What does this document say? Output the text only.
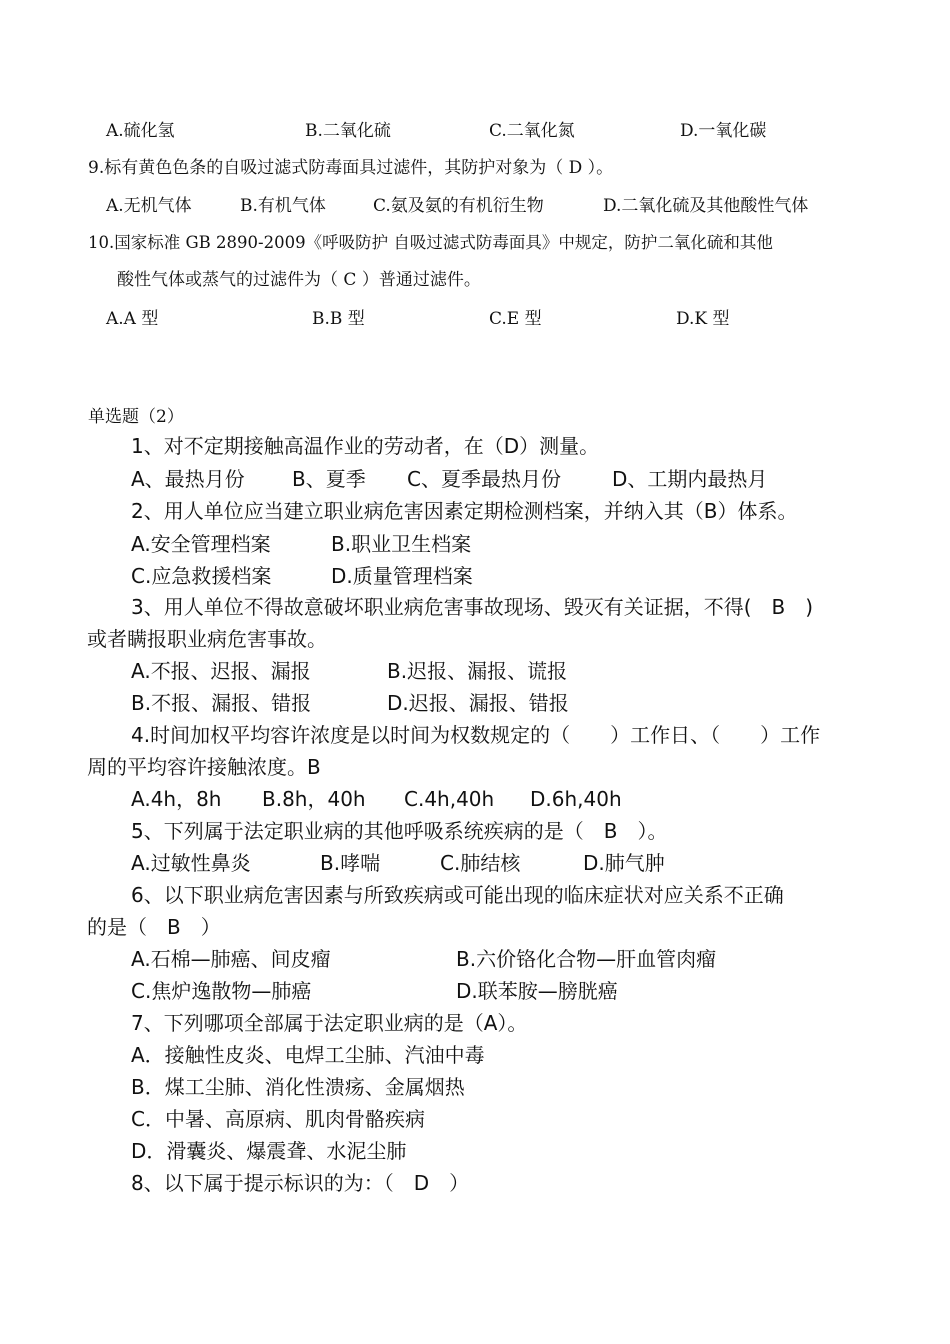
A.硫化氢	B.二氧化硫	C.二氧化氮	D.一氧化碳
9.标有黄色色条的自吸过滤式防毒面具过滤件，其防护对象为（ D ）。
A.无机气体	B.有机气体	C.氨及氨的有机衍生物	D.二氧化硫及其他酸性气体
10.国家标准 GB 2890-2009《呼吸防护 自吸过滤式防毒面具》中规定，防护二氧化硫和其他
酸性气体或蒸气的过滤件为（ C ）普通过滤件。
A.A 型	B.B 型	C.E 型	D.K 型
单选题（2）
1、对不定期接触高温作业的劳动者，在（D）测量。
A、最热月份 B、夏季 C、夏季最热月份	D、工期内最热月
2、用人单位应当建立职业病危害因素定期检测档案，并纳入其（B）体系。
A.安全管理档案	B.职业卫生档案
C.应急救援档案	D.质量管理档案
3、用人单位不得故意破坏职业病危害事故现场、毁灭有关证据，不得(　B　)
或者瞒报职业病危害事故。
A.不报、迟报、漏报	B.迟报、漏报、谎报
B.不报、漏报、错报	D.迟报、漏报、错报
4.时间加权平均容许浓度是以时间为权数规定的（　　）工作日、（　　）工作
周的平均容许接触浓度。B
A.4h，8h B.8h，40h C.4h,40h D.6h,40h
5、下列属于法定职业病的其他呼吸系统疾病的是（　B　）。
A.过敏性鼻炎	B.哮喘	C.肺结核	D.肺气肿
6、以下职业病危害因素与所致疾病或可能出现的临床症状对应关系不正确
的是（　B　）
A.石棉—肺癌、间皮瘤	B.六价铬化合物—肝血管肉瘤
C.焦炉逸散物—肺癌	D.联苯胺—膀胱癌
7、下列哪项全部属于法定职业病的是（A）。
A．接触性皮炎、电焊工尘肺、汽油中毒
B．煤工尘肺、消化性溃疡、金属烟热
C．中暑、高原病、肌肉骨骼疾病
D．滑囊炎、爆震聋、水泥尘肺
8、以下属于提示标识的为：（　D　）
